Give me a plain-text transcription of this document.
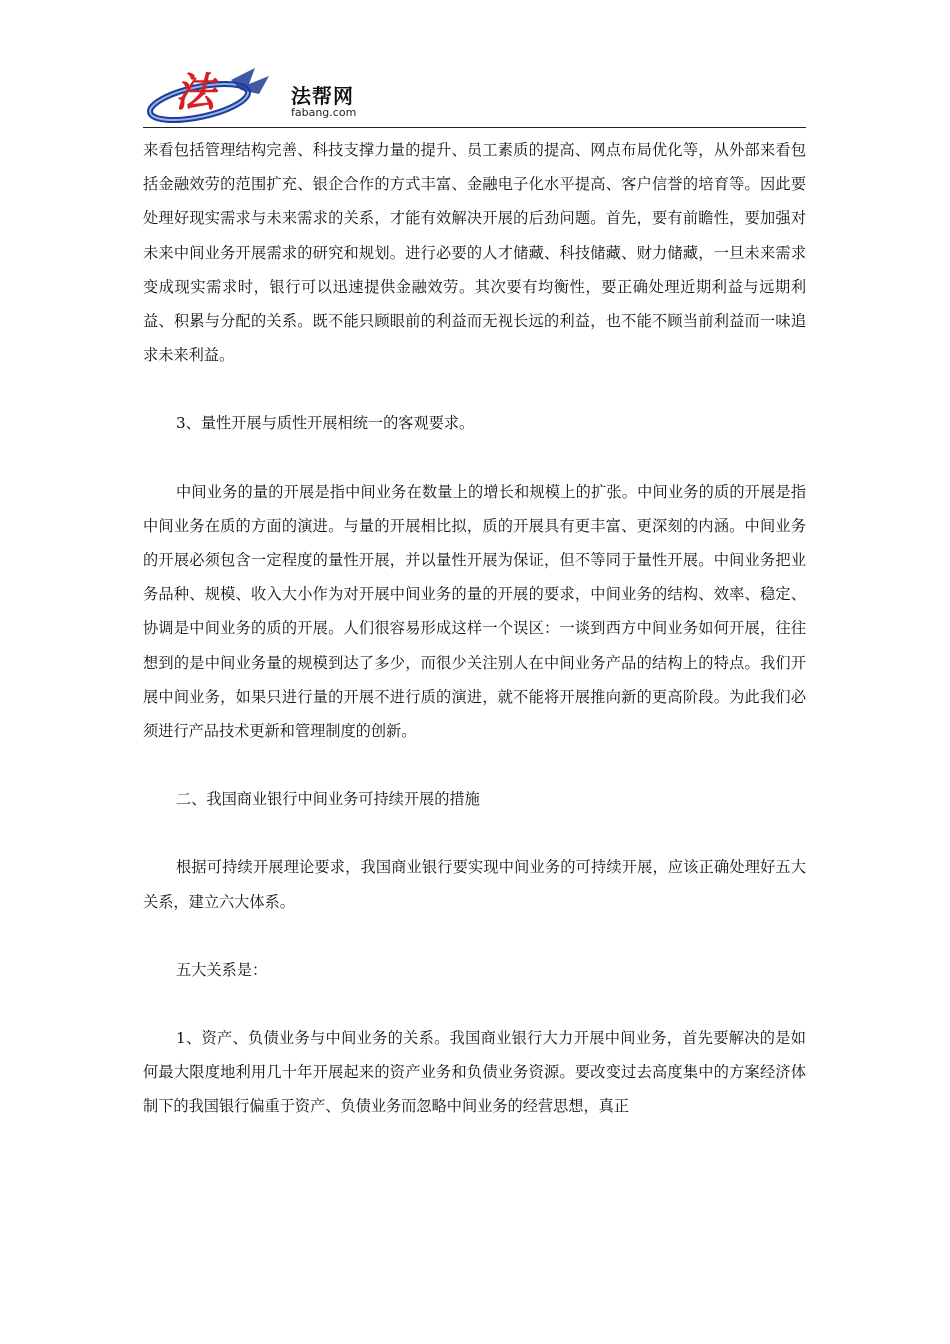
法	法帮网
fabang.com

来看包括管理结构完善、科技支撑力量的提升、员工素质的提高、网点布局优化等，从外部来看包括金融效劳的范围扩充、银企合作的方式丰富、金融电子化水平提高、客户信誉的培育等。因此要处理好现实需求与未来需求的关系，才能有效解决开展的后劲问题。首先，要有前瞻性，要加强对未来中间业务开展需求的研究和规划。进行必要的人才储藏、科技储藏、财力储藏，一旦未来需求变成现实需求时，银行可以迅速提供金融效劳。其次要有均衡性，要正确处理近期利益与远期利益、积累与分配的关系。既不能只顾眼前的利益而无视长远的利益，也不能不顾当前利益而一味追求未来利益。

3、量性开展与质性开展相统一的客观要求。

中间业务的量的开展是指中间业务在数量上的增长和规模上的扩张。中间业务的质的开展是指中间业务在质的方面的演进。与量的开展相比拟，质的开展具有更丰富、更深刻的内涵。中间业务的开展必须包含一定程度的量性开展，并以量性开展为保证，但不等同于量性开展。中间业务把业务品种、规模、收入大小作为对开展中间业务的量的开展的要求，中间业务的结构、效率、稳定、协调是中间业务的质的开展。人们很容易形成这样一个误区：一谈到西方中间业务如何开展，往往想到的是中间业务量的规模到达了多少，而很少关注别人在中间业务产品的结构上的特点。我们开展中间业务，如果只进行量的开展不进行质的演进，就不能将开展推向新的更高阶段。为此我们必须进行产品技术更新和管理制度的创新。

二、我国商业银行中间业务可持续开展的措施

根据可持续开展理论要求，我国商业银行要实现中间业务的可持续开展，应该正确处理好五大关系，建立六大体系。

五大关系是：

1、资产、负债业务与中间业务的关系。我国商业银行大力开展中间业务，首先要解决的是如何最大限度地利用几十年开展起来的资产业务和负债业务资源。要改变过去高度集中的方案经济体制下的我国银行偏重于资产、负债业务而忽略中间业务的经营思想，真正
